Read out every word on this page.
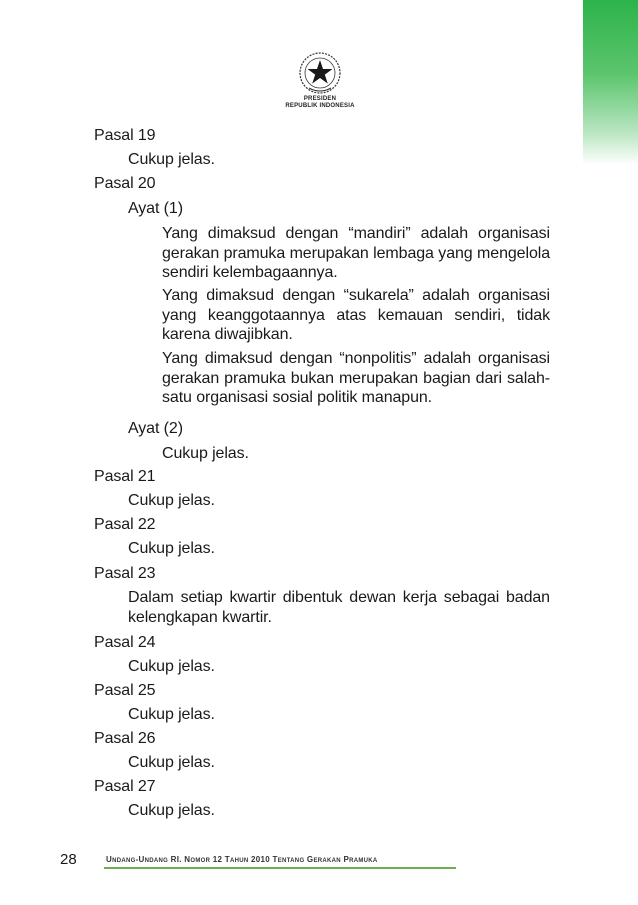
PRESIDEN
REPUBLIK INDONESIA
Pasal 19
Cukup jelas.
Pasal 20
Ayat (1)
Yang dimaksud dengan “mandiri” adalah organisasi gerakan pramuka merupakan lembaga yang mengelola sendiri kelembagaannya.
Yang dimaksud dengan “sukarela” adalah organisasi yang keanggotaannya atas kemauan sendiri, tidak karena diwajibkan.
Yang dimaksud dengan “nonpolitis” adalah organisasi gerakan pramuka bukan merupakan bagian dari salah-satu organisasi sosial politik manapun.
Ayat (2)
Cukup jelas.
Pasal 21
Cukup jelas.
Pasal 22
Cukup jelas.
Pasal 23
Dalam setiap kwartir dibentuk dewan kerja sebagai badan kelengkapan kwartir.
Pasal 24
Cukup jelas.
Pasal 25
Cukup jelas.
Pasal 26
Cukup jelas.
Pasal 27
Cukup jelas.
28	Undang-Undang RI. Nomor 12 Tahun 2010 Tentang Gerakan Pramuka
